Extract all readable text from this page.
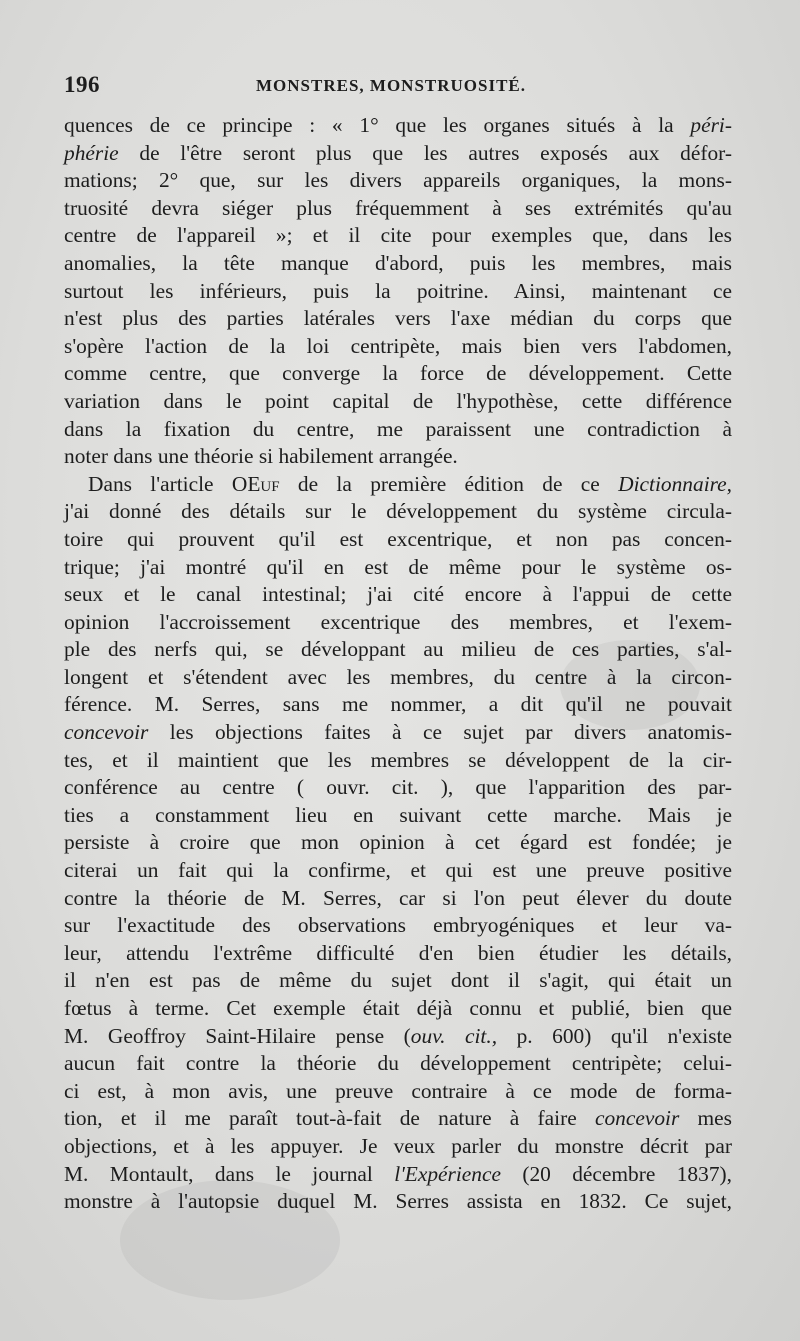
196	MONSTRES, MONSTRUOSITÉ.
quences de ce principe : « 1° que les organes situés à la péri-
phérie de l'être seront plus que les autres exposés aux défor-
mations; 2° que, sur les divers appareils organiques, la mons-
truosité devra siéger plus fréquemment à ses extrémités qu'au
centre de l'appareil »; et il cite pour exemples que, dans les
anomalies, la tête manque d'abord, puis les membres, mais
surtout les inférieurs, puis la poitrine. Ainsi, maintenant ce
n'est plus des parties latérales vers l'axe médian du corps que
s'opère l'action de la loi centripète, mais bien vers l'abdomen,
comme centre, que converge la force de développement. Cette
variation dans le point capital de l'hypothèse, cette différence
dans la fixation du centre, me paraissent une contradiction à
noter dans une théorie si habilement arrangée.
Dans l'article OEuf de la première édition de ce Dictionnaire,
j'ai donné des détails sur le développement du système circula-
toire qui prouvent qu'il est excentrique, et non pas concen-
trique; j'ai montré qu'il en est de même pour le système os-
seux et le canal intestinal; j'ai cité encore à l'appui de cette
opinion l'accroissement excentrique des membres, et l'exem-
ple des nerfs qui, se développant au milieu de ces parties, s'al-
longent et s'étendent avec les membres, du centre à la circon-
férence. M. Serres, sans me nommer, a dit qu'il ne pouvait
concevoir les objections faites à ce sujet par divers anatomis-
tes, et il maintient que les membres se développent de la cir-
conférence au centre ( ouvr. cit. ), que l'apparition des par-
ties a constamment lieu en suivant cette marche. Mais je
persiste à croire que mon opinion à cet égard est fondée; je
citerai un fait qui la confirme, et qui est une preuve positive
contre la théorie de M. Serres, car si l'on peut élever du doute
sur l'exactitude des observations embryogéniques et leur va-
leur, attendu l'extrême difficulté d'en bien étudier les détails,
il n'en est pas de même du sujet dont il s'agit, qui était un
fœtus à terme. Cet exemple était déjà connu et publié, bien que
M. Geoffroy Saint-Hilaire pense (ouv. cit., p. 600) qu'il n'existe
aucun fait contre la théorie du développement centripète; celui-
ci est, à mon avis, une preuve contraire à ce mode de forma-
tion, et il me paraît tout-à-fait de nature à faire concevoir mes
objections, et à les appuyer. Je veux parler du monstre décrit par
M. Montault, dans le journal l'Expérience (20 décembre 1837),
monstre à l'autopsie duquel M. Serres assista en 1832. Ce sujet,
